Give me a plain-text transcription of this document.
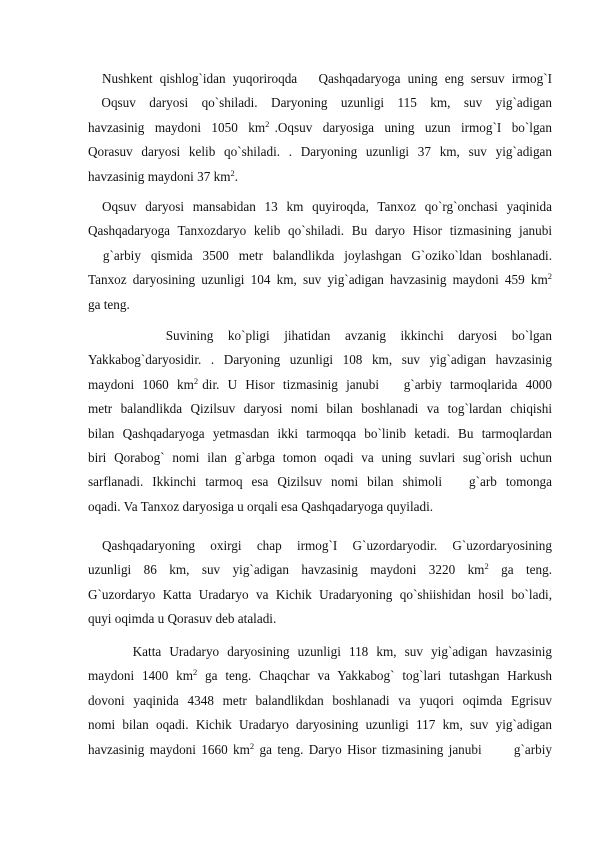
Nushkent qishlog`idan yuqoriroqda   Qashqadaryoga uning eng sersuv irmog`I
Oqsuv  daryosi  qo`shiladi.  Daryoning  uzunligi  115  km,  suv  yig`adigan
havzasinig  maydoni  1050  $km^2$ .Oqsuv  daryosiga  uning  uzun  irmog`I  bo`lgan
Qorasuv  daryosi  kelib  qo`shiladi.  .  Daryoning  uzunligi  37  km,  suv  yig`adigan
havzasinig maydoni 37 $km^2$.
Oqsuv daryosi mansabidan 13 km quyiroqda, Tanxoz qo`rg`onchasi yaqinida
Qashqadaryoga Tanxozdaryo kelib qo`shiladi. Bu daryo Hisor tizmasining janubi
g`arbiy  qismida  3500  metr  balandlikda  joylashgan  G`oziko`ldan  boshlanadi.
Tanxoz daryosining uzunligi 104 km, suv yig`adigan havzasinig maydoni 459 $km^2$
ga teng.
Suvining   ko`pligi   jihatidan   avzanig   ikkinchi   daryosi   bo`lgan
Yakkabog`daryosidir.  .  Daryoning  uzunligi  108  km,  suv  yig`adigan  havzasinig
maydoni  1060  $km^2$ dir.  U  Hisor  tizmasinig  janubi      g`arbiy  tarmoqlarida  4000
metr  balandlikda  Qizilsuv  daryosi  nomi  bilan  boshlanadi  va  tog`lardan  chiqishi
bilan  Qashqadaryoga  yetmasdan  ikki  tarmoqqa  bo`linib  ketadi.  Bu  tarmoqlardan
biri  Qorabog`  nomi  ilan  g`arbga  tomon  oqadi  va  uning  suvlari  sug`orish  uchun
sarflanadi.  Ikkinchi  tarmoq  esa  Qizilsuv  nomi  bilan  shimoli      g`arb  tomonga
oqadi. Va Tanxoz daryosiga u orqali esa Qashqadaryoga quyiladi.
Qashqadaryoning  oxirgi  chap  irmog`I  G`uzordaryodir.  G`uzordaryosining
uzunligi   86   km,   suv   yig`adigan   havzasinig   maydoni   3220   $km^2$   ga   teng.
G`uzordaryo Katta Uradaryo va Kichik Uradaryoning qo`shiishidan hosil bo`ladi,
quyi oqimda u Qorasuv deb ataladi.
Katta  Uradaryo  daryosining  uzunligi  118  km,  suv  yig`adigan  havzasinig
maydoni  1400  $km^2$  ga  teng.  Chaqchar  va  Yakkabog`  tog`lari  tutashgan  Harkush
dovoni  yaqinida  4348  metr  balandlikdan  boshlanadi  va  yuqori  oqimda  Egrisuv
nomi bilan oqadi. Kichik Uradaryo daryosining uzunligi 117 km, suv yig`adigan
havzasinig maydoni 1660 $km^2$ ga teng. Daryo Hisor tizmasining janubi      g`arbiy
